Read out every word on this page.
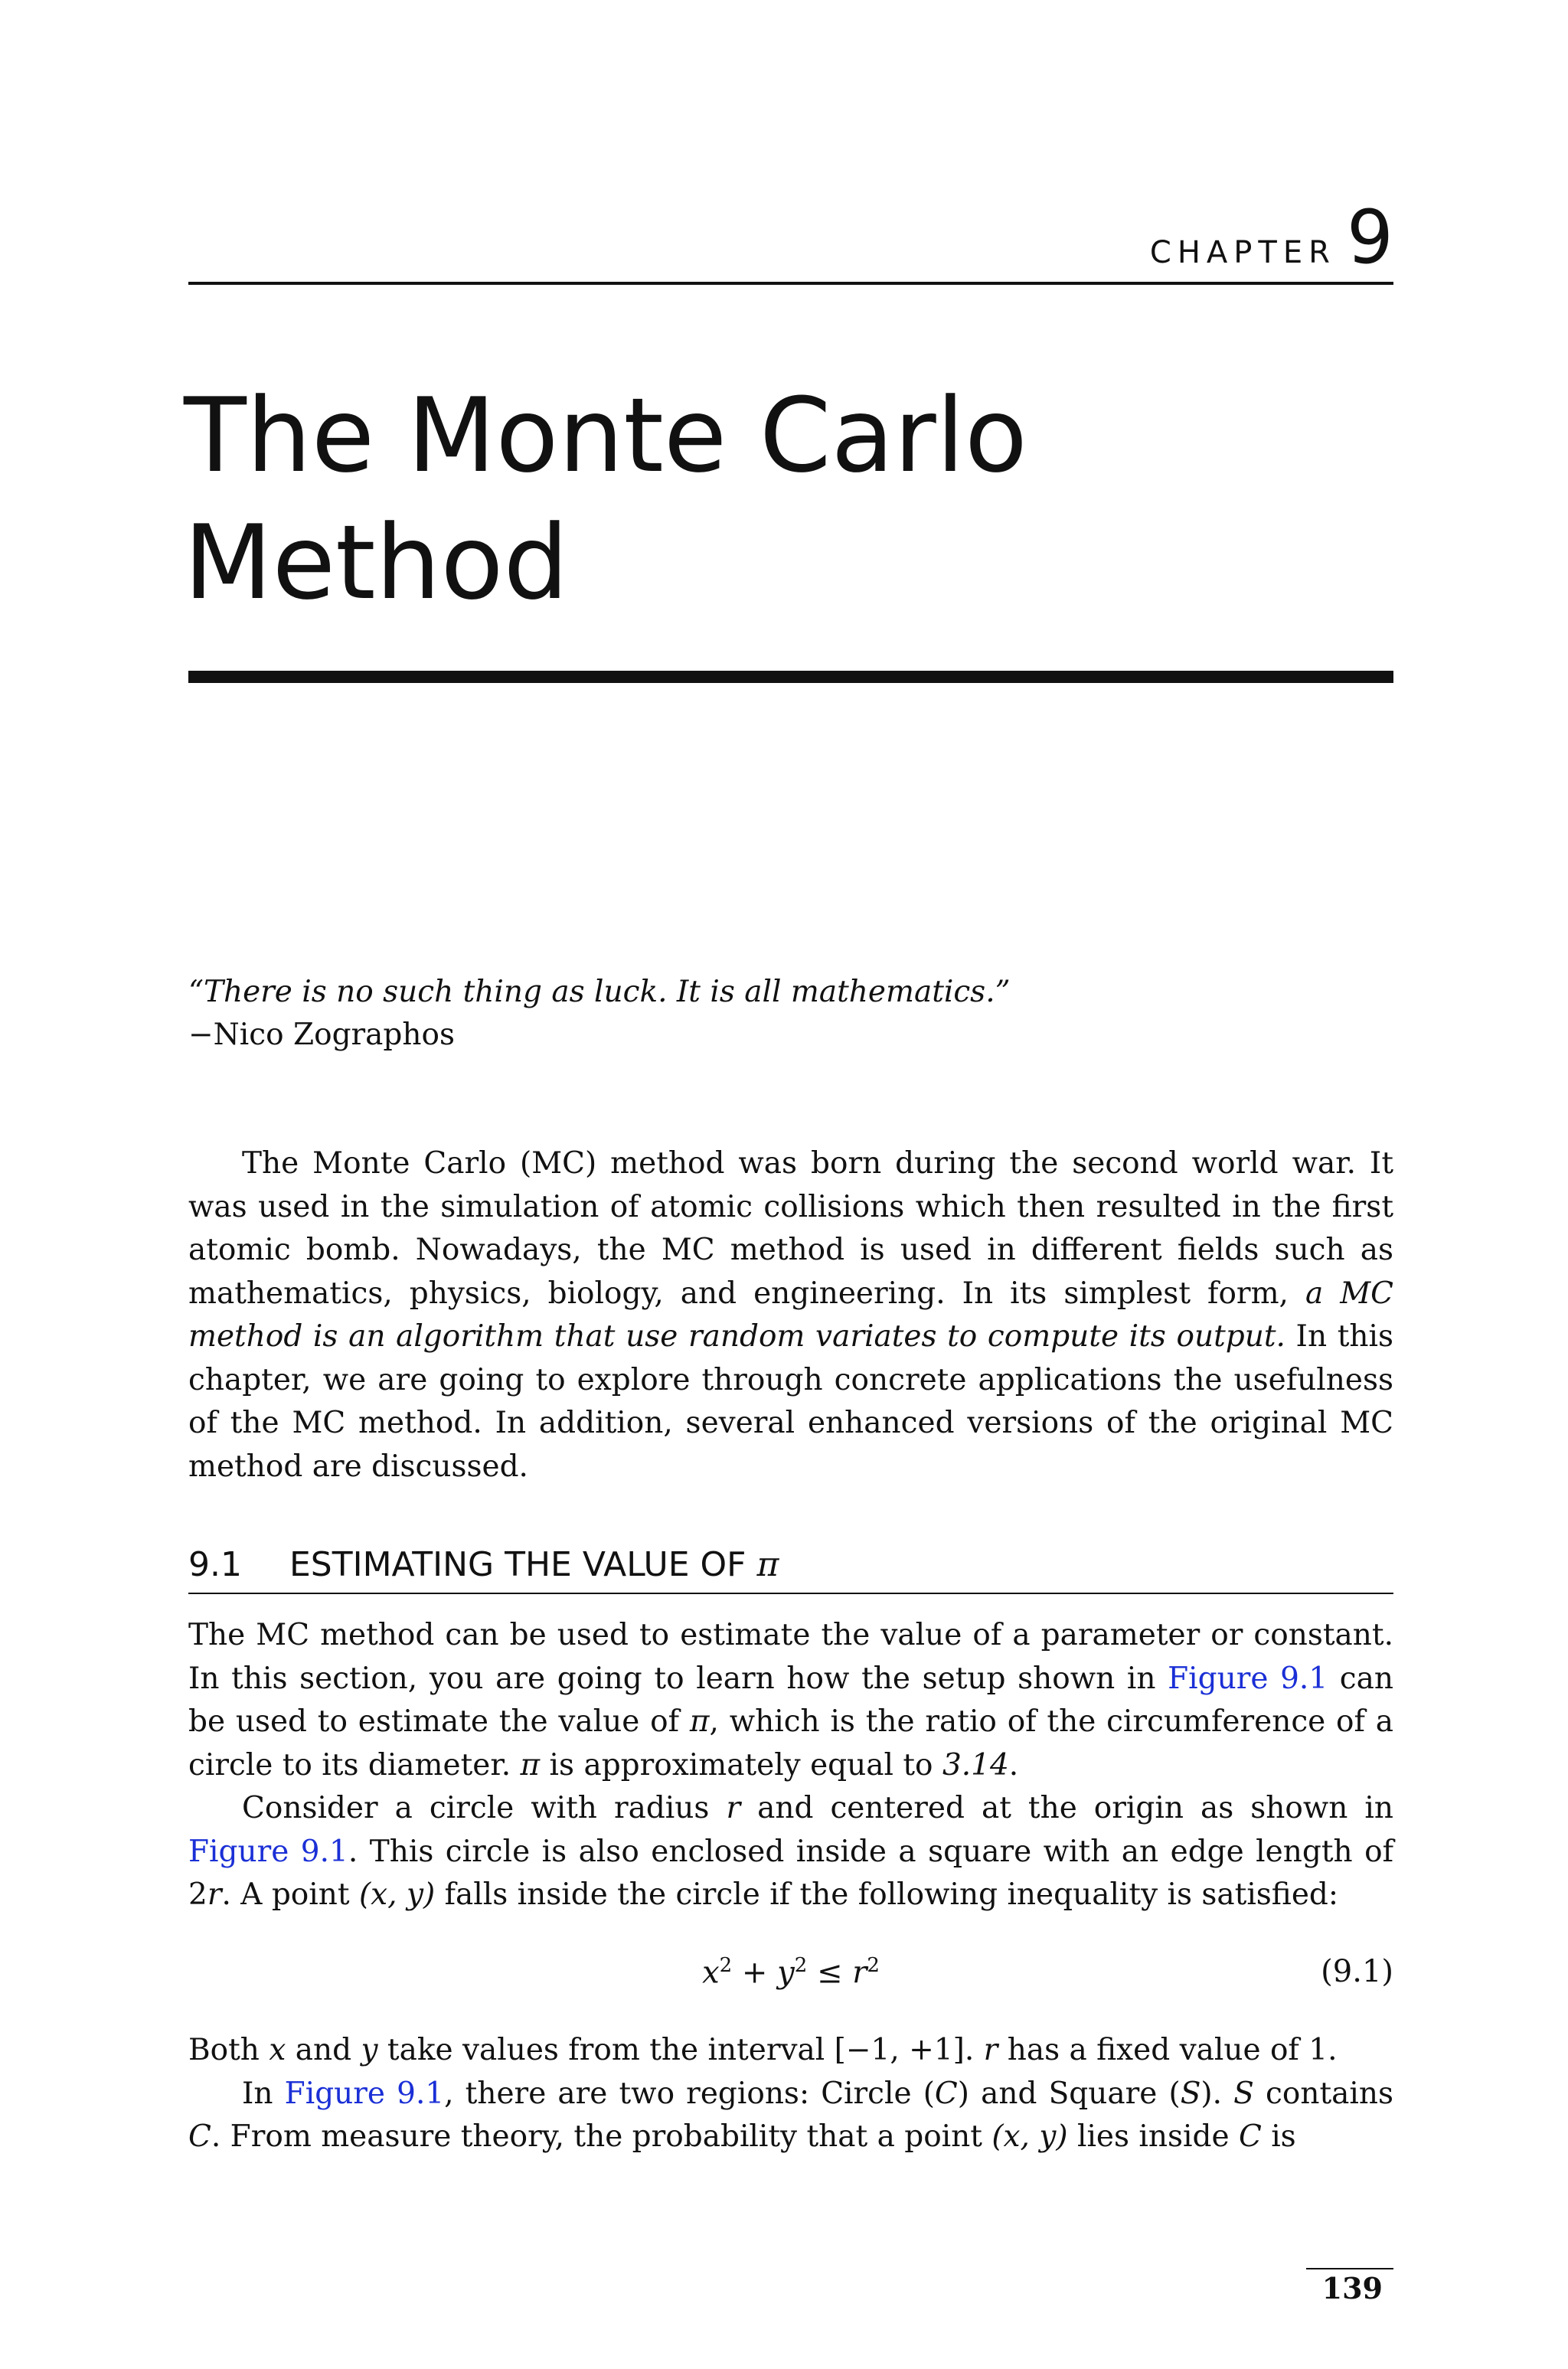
CHAPTER 9
The Monte Carlo
Method
“There is no such thing as luck. It is all mathematics.”
−Nico Zographos

The Monte Carlo (MC) method was born during the second world war. It was used in the simulation of atomic collisions which then resulted in the first atomic bomb. Nowadays, the MC method is used in different fields such as mathematics, physics, biology, and engineering. In its simplest form, a MC method is an algorithm that use random variates to compute its output. In this chapter, we are going to explore through concrete applications the usefulness of the MC method. In addition, several enhanced versions of the original MC method are discussed.

9.1	ESTIMATING THE VALUE OF π

The MC method can be used to estimate the value of a parameter or constant. In this section, you are going to learn how the setup shown in Figure 9.1 can be used to estimate the value of π, which is the ratio of the circumference of a circle to its diameter. π is approximately equal to 3.14.

Consider a circle with radius r and centered at the origin as shown in Figure 9.1. This circle is also enclosed inside a square with an edge length of 2r. A point (x, y) falls inside the circle if the following inequality is satisfied:

$x^2 + y^2 \le r^2$	(9.1)

Both x and y take values from the interval [−1, +1]. r has a fixed value of 1.

In Figure 9.1, there are two regions: Circle (C) and Square (S). S contains C. From measure theory, the probability that a point (x, y) lies inside C is

139
